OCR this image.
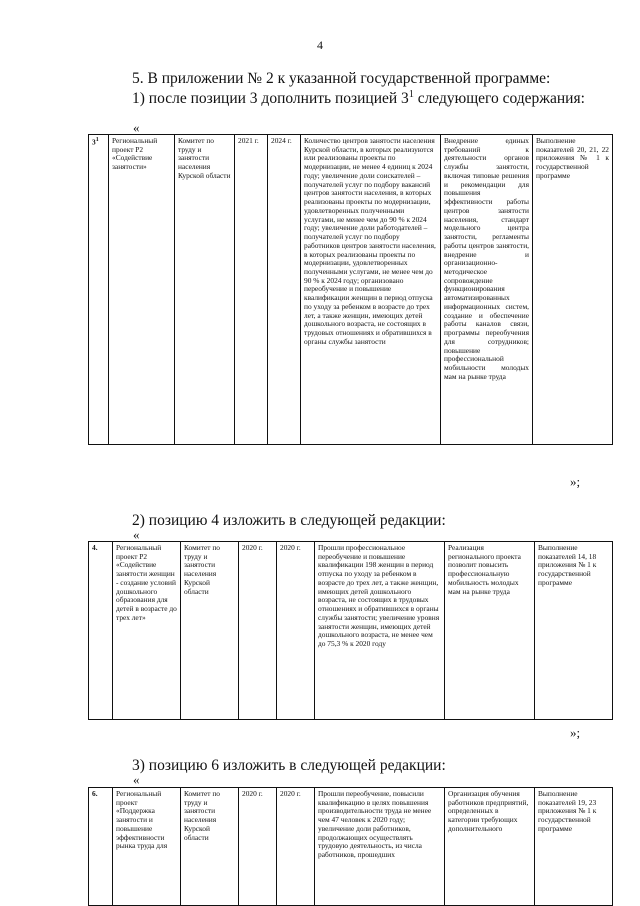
4
5. В приложении № 2 к указанной государственной программе:
1) после позиции 3 дополнить позицией $3^1$ следующего содержания:
«
$3^1$	Региональный проект Р2 «Содействие занятости»	Комитет по труду и занятости населения Курской области	2021 г.	2024 г.	Количество центров занятости населения Курской области, в которых реализуются или реализованы проекты по модернизации, не менее 4 единиц к 2024 году; увеличение доли соискателей – получателей услуг по подбору вакансий центров занятости населения, в которых реализованы проекты по модернизации, удовлетворенных полученными услугами, не менее чем до 90 % к 2024 году; увеличение доли работодателей – получателей услуг по подбору работников центров занятости населения, в которых реализованы проекты по модернизации, удовлетворенных полученными услугами, не менее чем до 90 % к 2024 году; организовано переобучение и повышение квалификации женщин в период отпуска по уходу за ребенком в возрасте до трех лет, а также женщин, имеющих детей дошкольного возраста, не состоящих в трудовых отношениях и обратившихся в органы службы занятости	Внедрение единых требований к деятельности органов службы занятости, включая типовые решения и рекомендации для повышения эффективности работы центров занятости населения, стандарт модельного центра занятости, регламенты работы центров занятости, внедрение и организационно-методическое сопровождение функционирования автоматизированных информационных систем, создание и обеспечение работы каналов связи, программы переобучения для сотрудников; повышение профессиональной мобильности молодых мам на рынке труда	Выполнение показателей 20, 21, 22 приложения № 1 к государственной программе
»;
2) позицию 4 изложить в следующей редакции:
«
4.	Региональный проект Р2 «Содействие занятости женщин - создание условий дошкольного образования для детей в возрасте до трех лет»	Комитет по труду и занятости населения Курской области	2020 г.	2020 г.	Прошли профессиональное переобучение и повышение квалификации 198 женщин в период отпуска по уходу за ребенком в возрасте до трех лет, а также женщин, имеющих детей дошкольного возраста, не состоящих в трудовых отношениях и обратившихся в органы службы занятости; увеличение уровня занятости женщин, имеющих детей дошкольного возраста, не менее чем до 75,3 % к 2020 году	Реализация регионального проекта позволит повысить профессиональную мобильность молодых мам на рынке труда	Выполнение показателей 14, 18 приложения № 1 к государственной программе
»;
3) позицию 6 изложить в следующей редакции:
«
6.	Региональный проект «Поддержка занятости и повышение эффективности рынка труда для	Комитет по труду и занятости населения Курской области	2020 г.	2020 г.	Прошли переобучение, повысили квалификацию в целях повышения производительности труда не менее чем 47 человек к 2020 году; увеличение доли работников, продолжающих осуществлять трудовую деятельность, из числа работников, прошедших	Организация обучения работников предприятий, определенных в категории требующих дополнительного	Выполнение показателей 19, 23 приложения № 1 к государственной программе
